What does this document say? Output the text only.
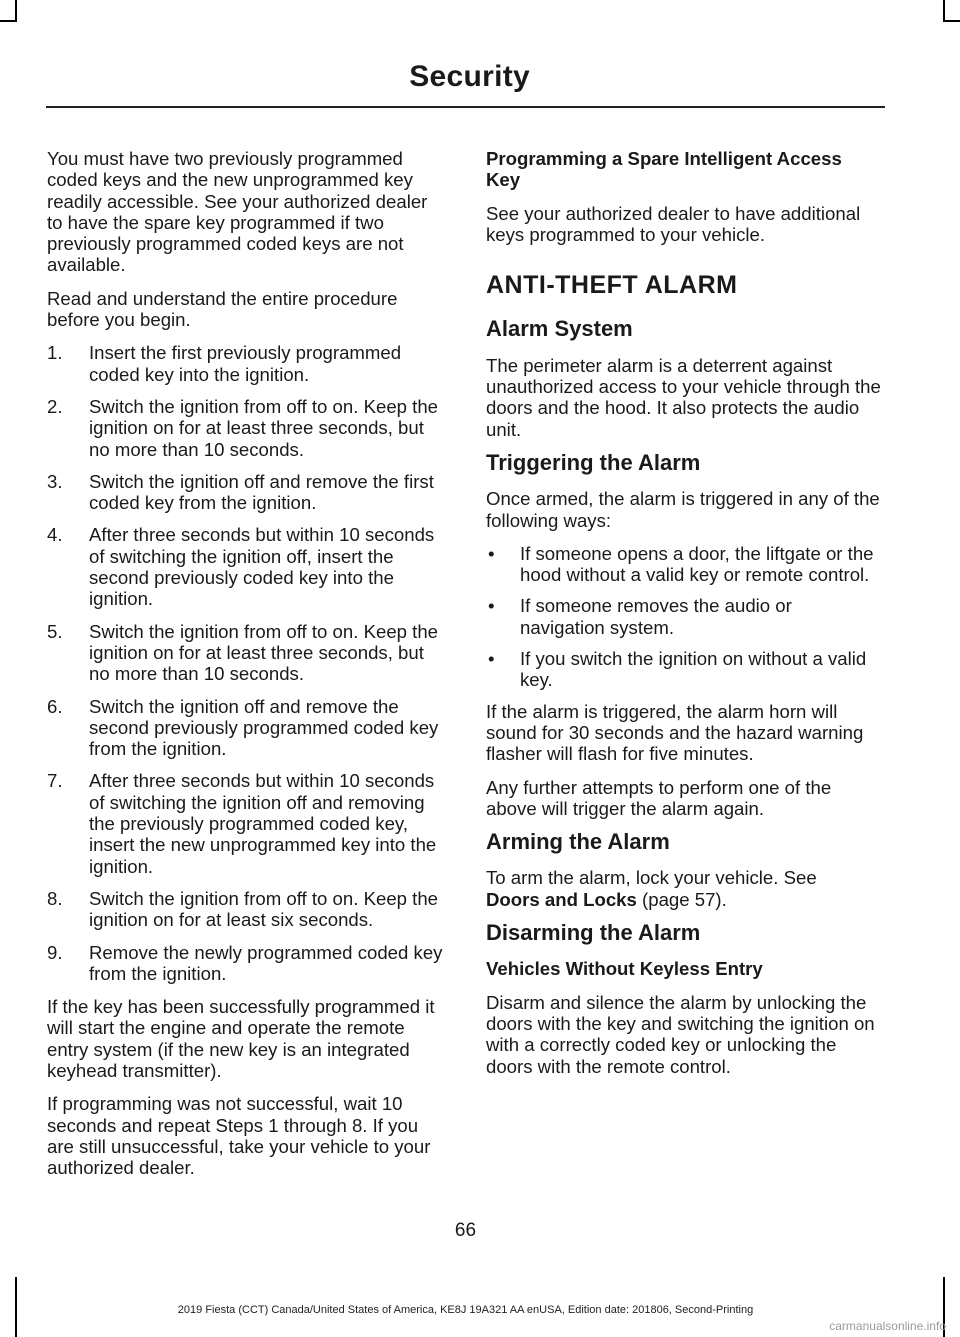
Security

You must have two previously programmed coded keys and the new unprogrammed key readily accessible. See your authorized dealer to have the spare key programmed if two previously programmed coded keys are not available.

Read and understand the entire procedure before you begin.

1. Insert the first previously programmed coded key into the ignition.
2. Switch the ignition from off to on. Keep the ignition on for at least three seconds, but no more than 10 seconds.
3. Switch the ignition off and remove the first coded key from the ignition.
4. After three seconds but within 10 seconds of switching the ignition off, insert the second previously coded key into the ignition.
5. Switch the ignition from off to on. Keep the ignition on for at least three seconds, but no more than 10 seconds.
6. Switch the ignition off and remove the second previously programmed coded key from the ignition.
7. After three seconds but within 10 seconds of switching the ignition off and removing the previously programmed coded key, insert the new unprogrammed key into the ignition.
8. Switch the ignition from off to on. Keep the ignition on for at least six seconds.
9. Remove the newly programmed coded key from the ignition.

If the key has been successfully programmed it will start the engine and operate the remote entry system (if the new key is an integrated keyhead transmitter).

If programming was not successful, wait 10 seconds and repeat Steps 1 through 8. If you are still unsuccessful, take your vehicle to your authorized dealer.

Programming a Spare Intelligent Access Key

See your authorized dealer to have additional keys programmed to your vehicle.

ANTI-THEFT ALARM
Alarm System

The perimeter alarm is a deterrent against unauthorized access to your vehicle through the doors and the hood. It also protects the audio unit.

Triggering the Alarm

Once armed, the alarm is triggered in any of the following ways:

• If someone opens a door, the liftgate or the hood without a valid key or remote control.
• If someone removes the audio or navigation system.
• If you switch the ignition on without a valid key.

If the alarm is triggered, the alarm horn will sound for 30 seconds and the hazard warning flasher will flash for five minutes.

Any further attempts to perform one of the above will trigger the alarm again.

Arming the Alarm

To arm the alarm, lock your vehicle. See
Doors and Locks (page 57).

Disarming the Alarm
Vehicles Without Keyless Entry

Disarm and silence the alarm by unlocking the doors with the key and switching the ignition on with a correctly coded key or unlocking the doors with the remote control.

66
2019 Fiesta (CCT) Canada/United States of America, KE8J 19A321 AA enUSA, Edition date: 201806, Second-Printing
carmanualsonline.info
